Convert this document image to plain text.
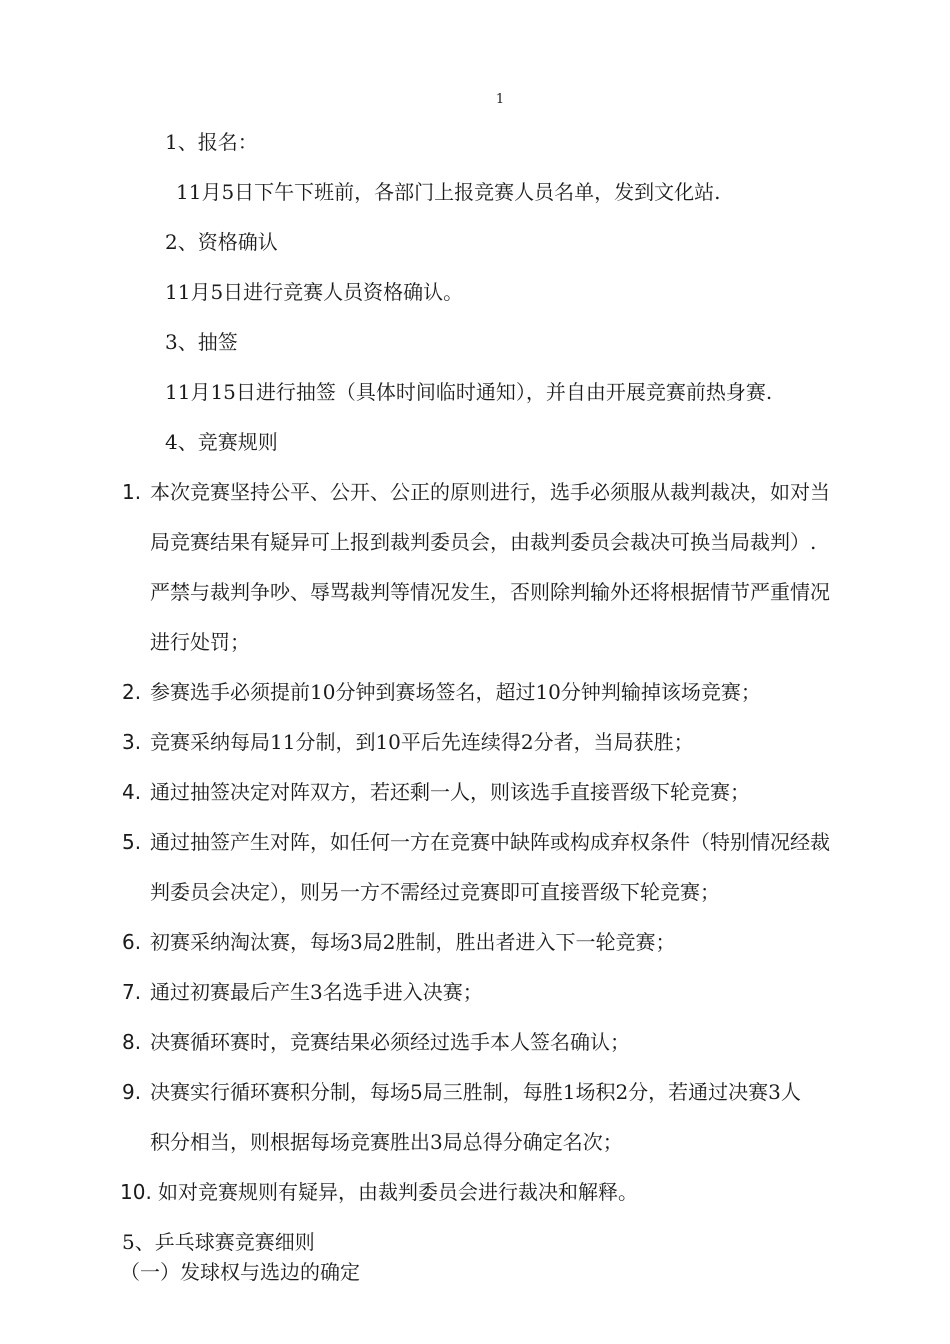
1
1、报名：
11月5日下午下班前，各部门上报竞赛人员名单，发到文化站.
2、资格确认
11月5日进行竞赛人员资格确认。
3、抽签
11月15日进行抽签（具体时间临时通知），并自由开展竞赛前热身赛.
4、竞赛规则
1. 本次竞赛坚持公平、公开、公正的原则进行，选手必须服从裁判裁决，如对当
局竞赛结果有疑异可上报到裁判委员会，由裁判委员会裁决可换当局裁判）.
严禁与裁判争吵、辱骂裁判等情况发生，否则除判输外还将根据情节严重情况
进行处罚；
2. 参赛选手必须提前10分钟到赛场签名，超过10分钟判输掉该场竞赛；
3. 竞赛采纳每局11分制，到10平后先连续得2分者，当局获胜；
4. 通过抽签决定对阵双方，若还剩一人，则该选手直接晋级下轮竞赛；
5. 通过抽签产生对阵，如任何一方在竞赛中缺阵或构成弃权条件（特别情况经裁
判委员会决定），则另一方不需经过竞赛即可直接晋级下轮竞赛；
6. 初赛采纳淘汰赛，每场3局2胜制，胜出者进入下一轮竞赛；
7. 通过初赛最后产生3名选手进入决赛；
8. 决赛循环赛时，竞赛结果必须经过选手本人签名确认；
9. 决赛实行循环赛积分制，每场5局三胜制，每胜1场积2分，若通过决赛3人
积分相当，则根据每场竞赛胜出3局总得分确定名次；
10. 如对竞赛规则有疑异，由裁判委员会进行裁决和解释。
5、乒乓球赛竞赛细则
（一）发球权与选边的确定
